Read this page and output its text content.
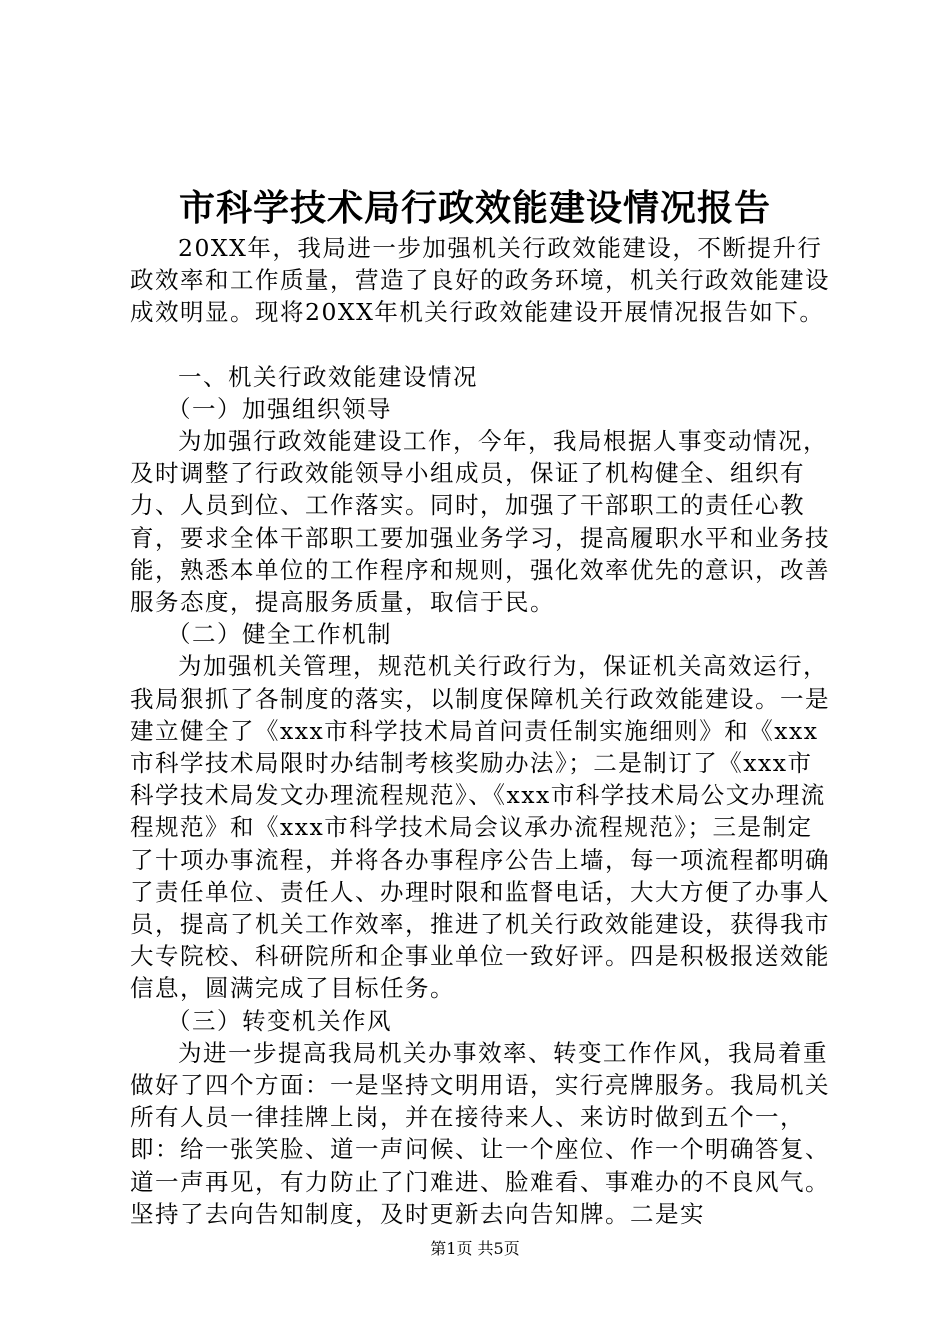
市科学技术局行政效能建设情况报告

20XX年，我局进一步加强机关行政效能建设，不断提升行政效率和工作质量，营造了良好的政务环境，机关行政效能建设成效明显。现将20XX年机关行政效能建设开展情况报告如下。

一、机关行政效能建设情况

（一）加强组织领导

为加强行政效能建设工作，今年，我局根据人事变动情况，及时调整了行政效能领导小组成员，保证了机构健全、组织有力、人员到位、工作落实。同时，加强了干部职工的责任心教育，要求全体干部职工要加强业务学习，提高履职水平和业务技能，熟悉本单位的工作程序和规则，强化效率优先的意识，改善服务态度，提高服务质量，取信于民。

（二）健全工作机制

为加强机关管理，规范机关行政行为，保证机关高效运行，我局狠抓了各制度的落实，以制度保障机关行政效能建设。一是建立健全了《xxx市科学技术局首问责任制实施细则》和《xxx市科学技术局限时办结制考核奖励办法》；二是制订了《xxx市科学技术局发文办理流程规范》、《xxx市科学技术局公文办理流程规范》和《xxx市科学技术局会议承办流程规范》；三是制定了十项办事流程，并将各办事程序公告上墙，每一项流程都明确了责任单位、责任人、办理时限和监督电话，大大方便了办事人员，提高了机关工作效率，推进了机关行政效能建设，获得我市大专院校、科研院所和企事业单位一致好评。四是积极报送效能信息，圆满完成了目标任务。

（三）转变机关作风

为进一步提高我局机关办事效率、转变工作作风，我局着重做好了四个方面：一是坚持文明用语，实行亮牌服务。我局机关所有人员一律挂牌上岗，并在接待来人、来访时做到五个一，即：给一张笑脸、道一声问候、让一个座位、作一个明确答复、道一声再见，有力防止了门难进、脸难看、事难办的不良风气。坚持了去向告知制度，及时更新去向告知牌。二是实

第1页 共5页
